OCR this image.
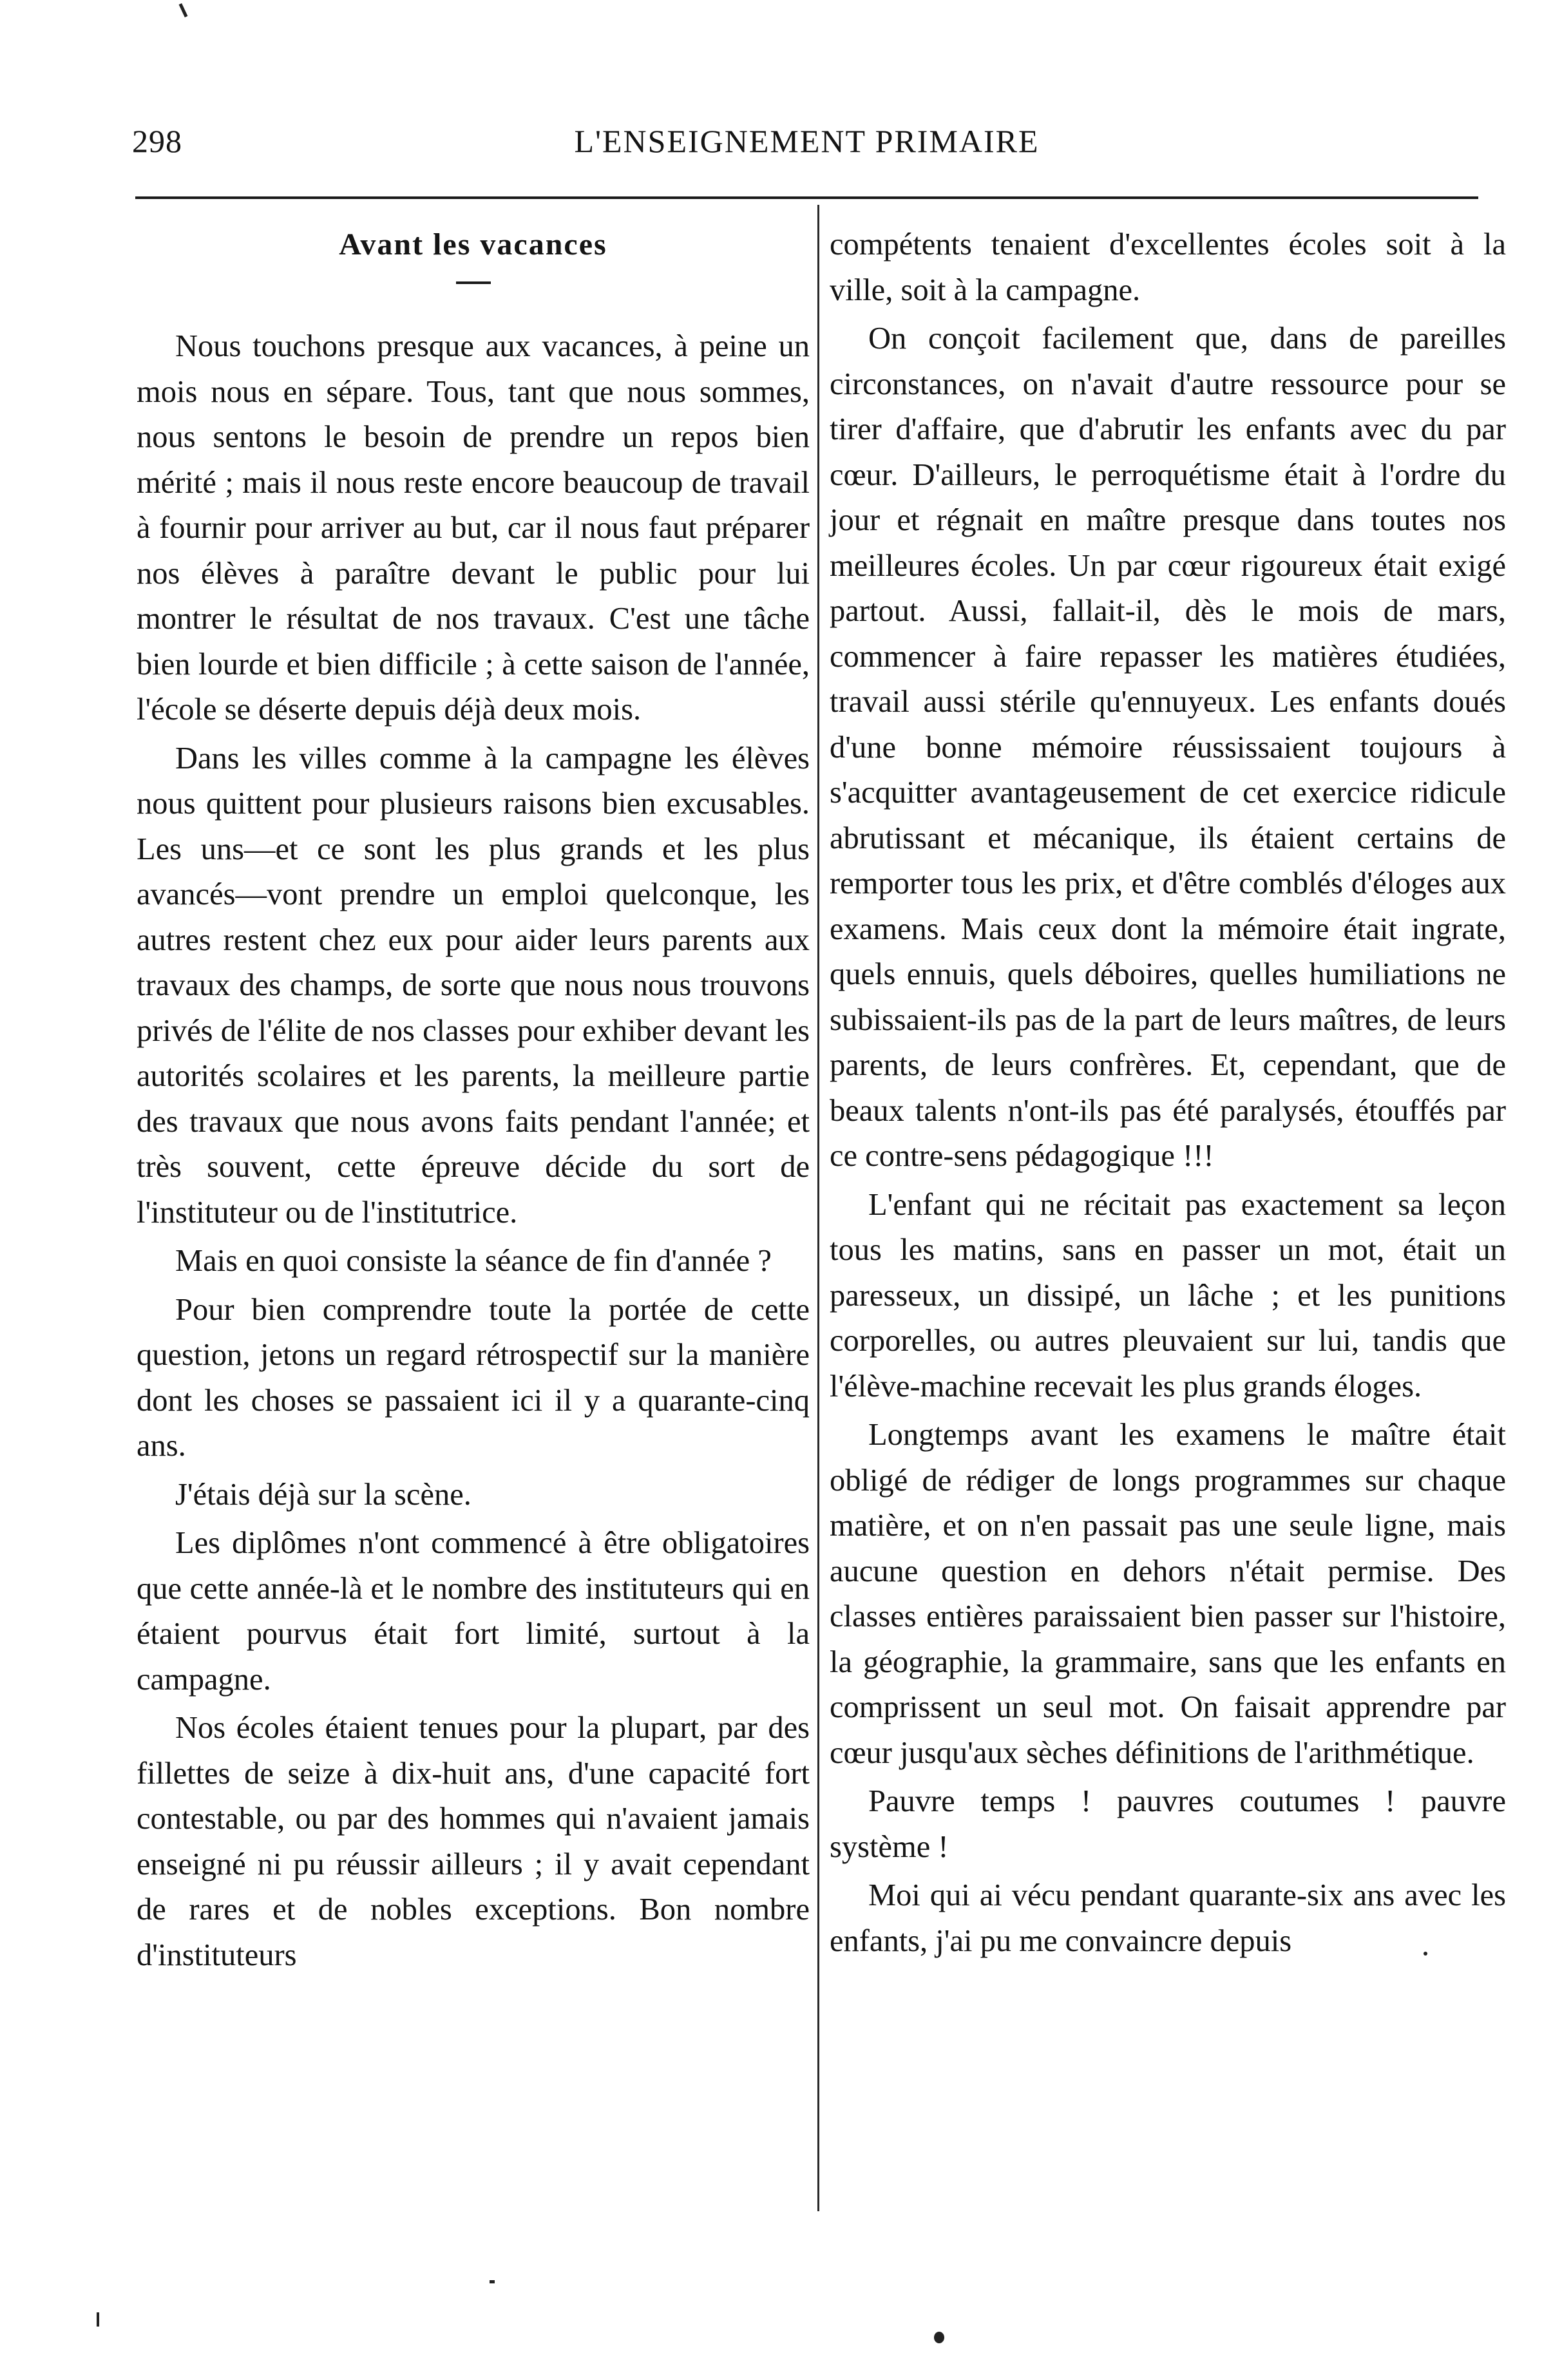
298	L'ENSEIGNEMENT PRIMAIRE
Avant les vacances

Nous touchons presque aux vacances, à peine un mois nous en sépare. Tous, tant que nous sommes, nous sentons le besoin de prendre un repos bien mérité ; mais il nous reste encore beaucoup de travail à fournir pour arriver au but, car il nous faut préparer nos élèves à paraître devant le public pour lui montrer le résultat de nos travaux. C'est une tâche bien lourde et bien difficile ; à cette saison de l'année, l'école se déserte depuis déjà deux mois.

Dans les villes comme à la campagne les élèves nous quittent pour plusieurs raisons bien excusables. Les uns—et ce sont les plus grands et les plus avancés—vont prendre un emploi quelconque, les autres restent chez eux pour aider leurs parents aux travaux des champs, de sorte que nous nous trouvons privés de l'élite de nos classes pour exhiber devant les autorités scolaires et les parents, la meilleure partie des travaux que nous avons faits pendant l'année; et très souvent, cette épreuve décide du sort de l'instituteur ou de l'institutrice.

Mais en quoi consiste la séance de fin d'année ?

Pour bien comprendre toute la portée de cette question, jetons un regard rétrospectif sur la manière dont les choses se passaient ici il y a quarante-cinq ans.

J'étais déjà sur la scène.

Les diplômes n'ont commencé à être obligatoires que cette année-là et le nombre des instituteurs qui en étaient pourvus était fort limité, surtout à la campagne.

Nos écoles étaient tenues pour la plupart, par des fillettes de seize à dix-huit ans, d'une capacité fort contestable, ou par des hommes qui n'avaient jamais enseigné ni pu réussir ailleurs ; il y avait cependant de rares et de nobles exceptions. Bon nombre d'instituteurs

compétents tenaient d'excellentes écoles soit à la ville, soit à la campagne.

On conçoit facilement que, dans de pareilles circonstances, on n'avait d'autre ressource pour se tirer d'affaire, que d'abrutir les enfants avec du par cœur. D'ailleurs, le perroquétisme était à l'ordre du jour et régnait en maître presque dans toutes nos meilleures écoles. Un par cœur rigoureux était exigé partout. Aussi, fallait-il, dès le mois de mars, commencer à faire repasser les matières étudiées, travail aussi stérile qu'ennuyeux. Les enfants doués d'une bonne mémoire réussissaient toujours à s'acquitter avantageusement de cet exercice ridicule abrutissant et mécanique, ils étaient certains de remporter tous les prix, et d'être comblés d'éloges aux examens. Mais ceux dont la mémoire était ingrate, quels ennuis, quels déboires, quelles humiliations ne subissaient-ils pas de la part de leurs maîtres, de leurs parents, de leurs confrères. Et, cependant, que de beaux talents n'ont-ils pas été paralysés, étouffés par ce contre-sens pédagogique !!!

L'enfant qui ne récitait pas exactement sa leçon tous les matins, sans en passer un mot, était un paresseux, un dissipé, un lâche ; et les punitions corporelles, ou autres pleuvaient sur lui, tandis que l'élève-machine recevait les plus grands éloges.

Longtemps avant les examens le maître était obligé de rédiger de longs programmes sur chaque matière, et on n'en passait pas une seule ligne, mais aucune question en dehors n'était permise. Des classes entières paraissaient bien passer sur l'histoire, la géographie, la grammaire, sans que les enfants en comprissent un seul mot. On faisait apprendre par cœur jusqu'aux sèches définitions de l'arithmétique.

Pauvre temps ! pauvres coutumes ! pauvre système !

Moi qui ai vécu pendant quarante-six ans avec les enfants, j'ai pu me convaincre depuis
